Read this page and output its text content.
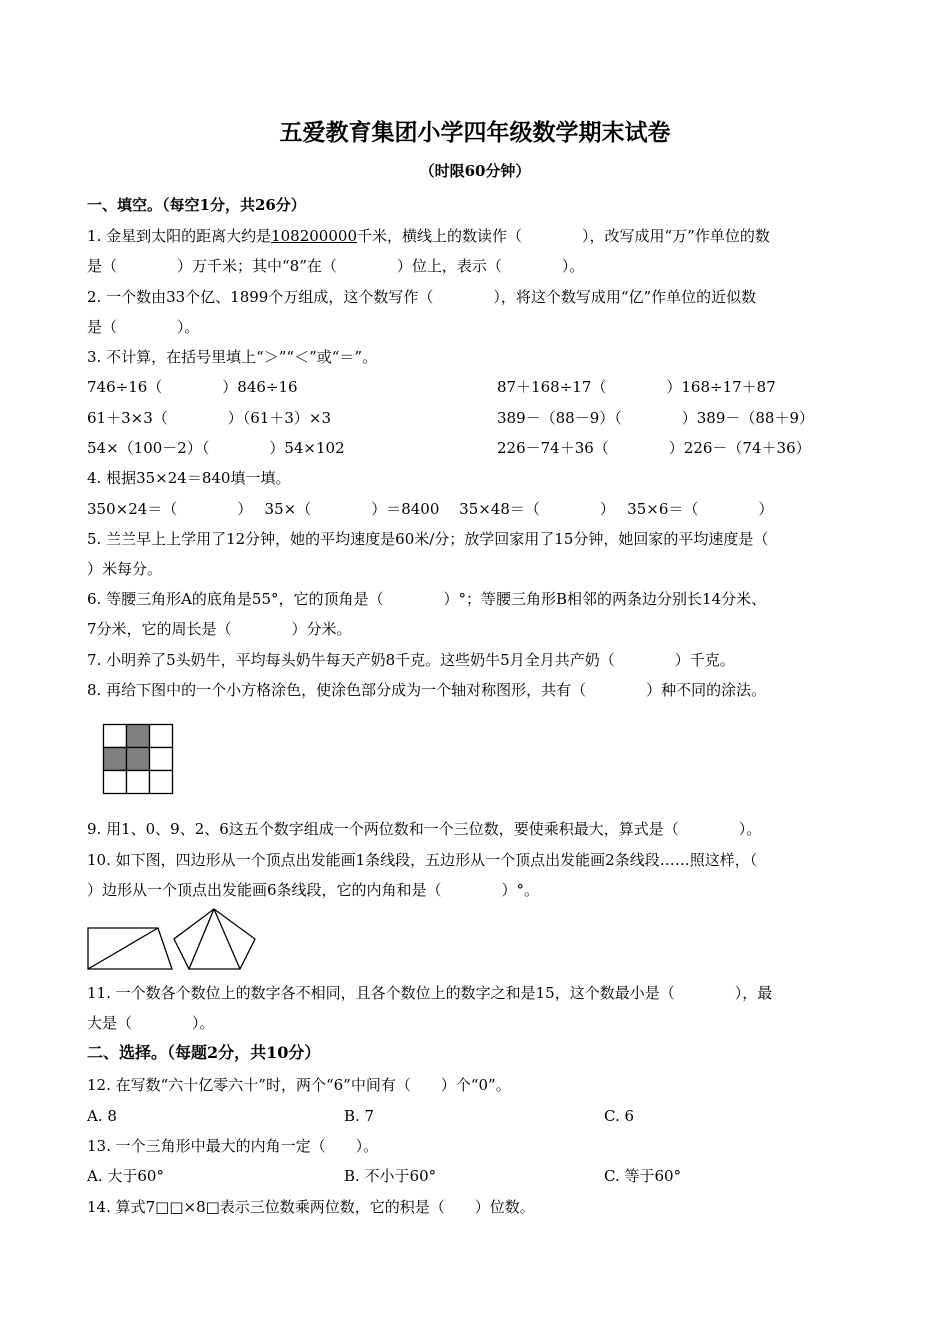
五爱教育集团小学四年级数学期末试卷
（时限60分钟）
一、填空。（每空1分，共26分）
1. 金星到太阳的距离大约是108200000千米，横线上的数读作（　　　　），改写成用“万”作单位的数
是（　　　　）万千米；其中“8”在（　　　　）位上，表示（　　　　）。
2. 一个数由33个亿、1899个万组成，这个数写作（　　　　），将这个数写成用“亿”作单位的近似数
是（　　　　）。
3. 不计算，在括号里填上“＞”“＜”或“＝”。
746÷16（　　　　）846÷16	87＋168÷17（　　　　）168÷17＋87
61＋3×3（　　　　）（61＋3）×3	389－（88－9）（　　　　）389－（88＋9）
54×（100－2）（　　　　）54×102	226－74＋36（　　　　）226－（74＋36）
4. 根据35×24＝840填一填。
350×24＝（　　　　）　 35×（　　　　）＝8400　 35×48＝（　　　　）　 35×6＝（　　　　）
5. 兰兰早上上学用了12分钟，她的平均速度是60米/分；放学回家用了15分钟，她回家的平均速度是（
）米每分。
6. 等腰三角形A的底角是55°，它的顶角是（　　　　）°；等腰三角形B相邻的两条边分别长14分米、
7分米，它的周长是（　　　　）分米。
7. 小明养了5头奶牛，平均每头奶牛每天产奶8千克。这些奶牛5月全月共产奶（　　　　）千克。
8. 再给下图中的一个小方格涂色，使涂色部分成为一个轴对称图形，共有（　　　　）种不同的涂法。
9. 用1、0、9、2、6这五个数字组成一个两位数和一个三位数，要使乘积最大，算式是（　　　　）。
10. 如下图，四边形从一个顶点出发能画1条线段，五边形从一个顶点出发能画2条线段……照这样，（
）边形从一个顶点出发能画6条线段，它的内角和是（　　　　）°。
11. 一个数各个数位上的数字各不相同，且各个数位上的数字之和是15，这个数最小是（　　　　），最
大是（　　　　）。
二、选择。（每题2分，共10分）
12. 在写数“六十亿零六十”时，两个“6”中间有（　　）个“0”。
A. 8	B. 7	C. 6
13. 一个三角形中最大的内角一定（　　）。
A. 大于60°	B. 不小于60°	C. 等于60°
14. 算式7□□×8□表示三位数乘两位数，它的积是（　　）位数。
